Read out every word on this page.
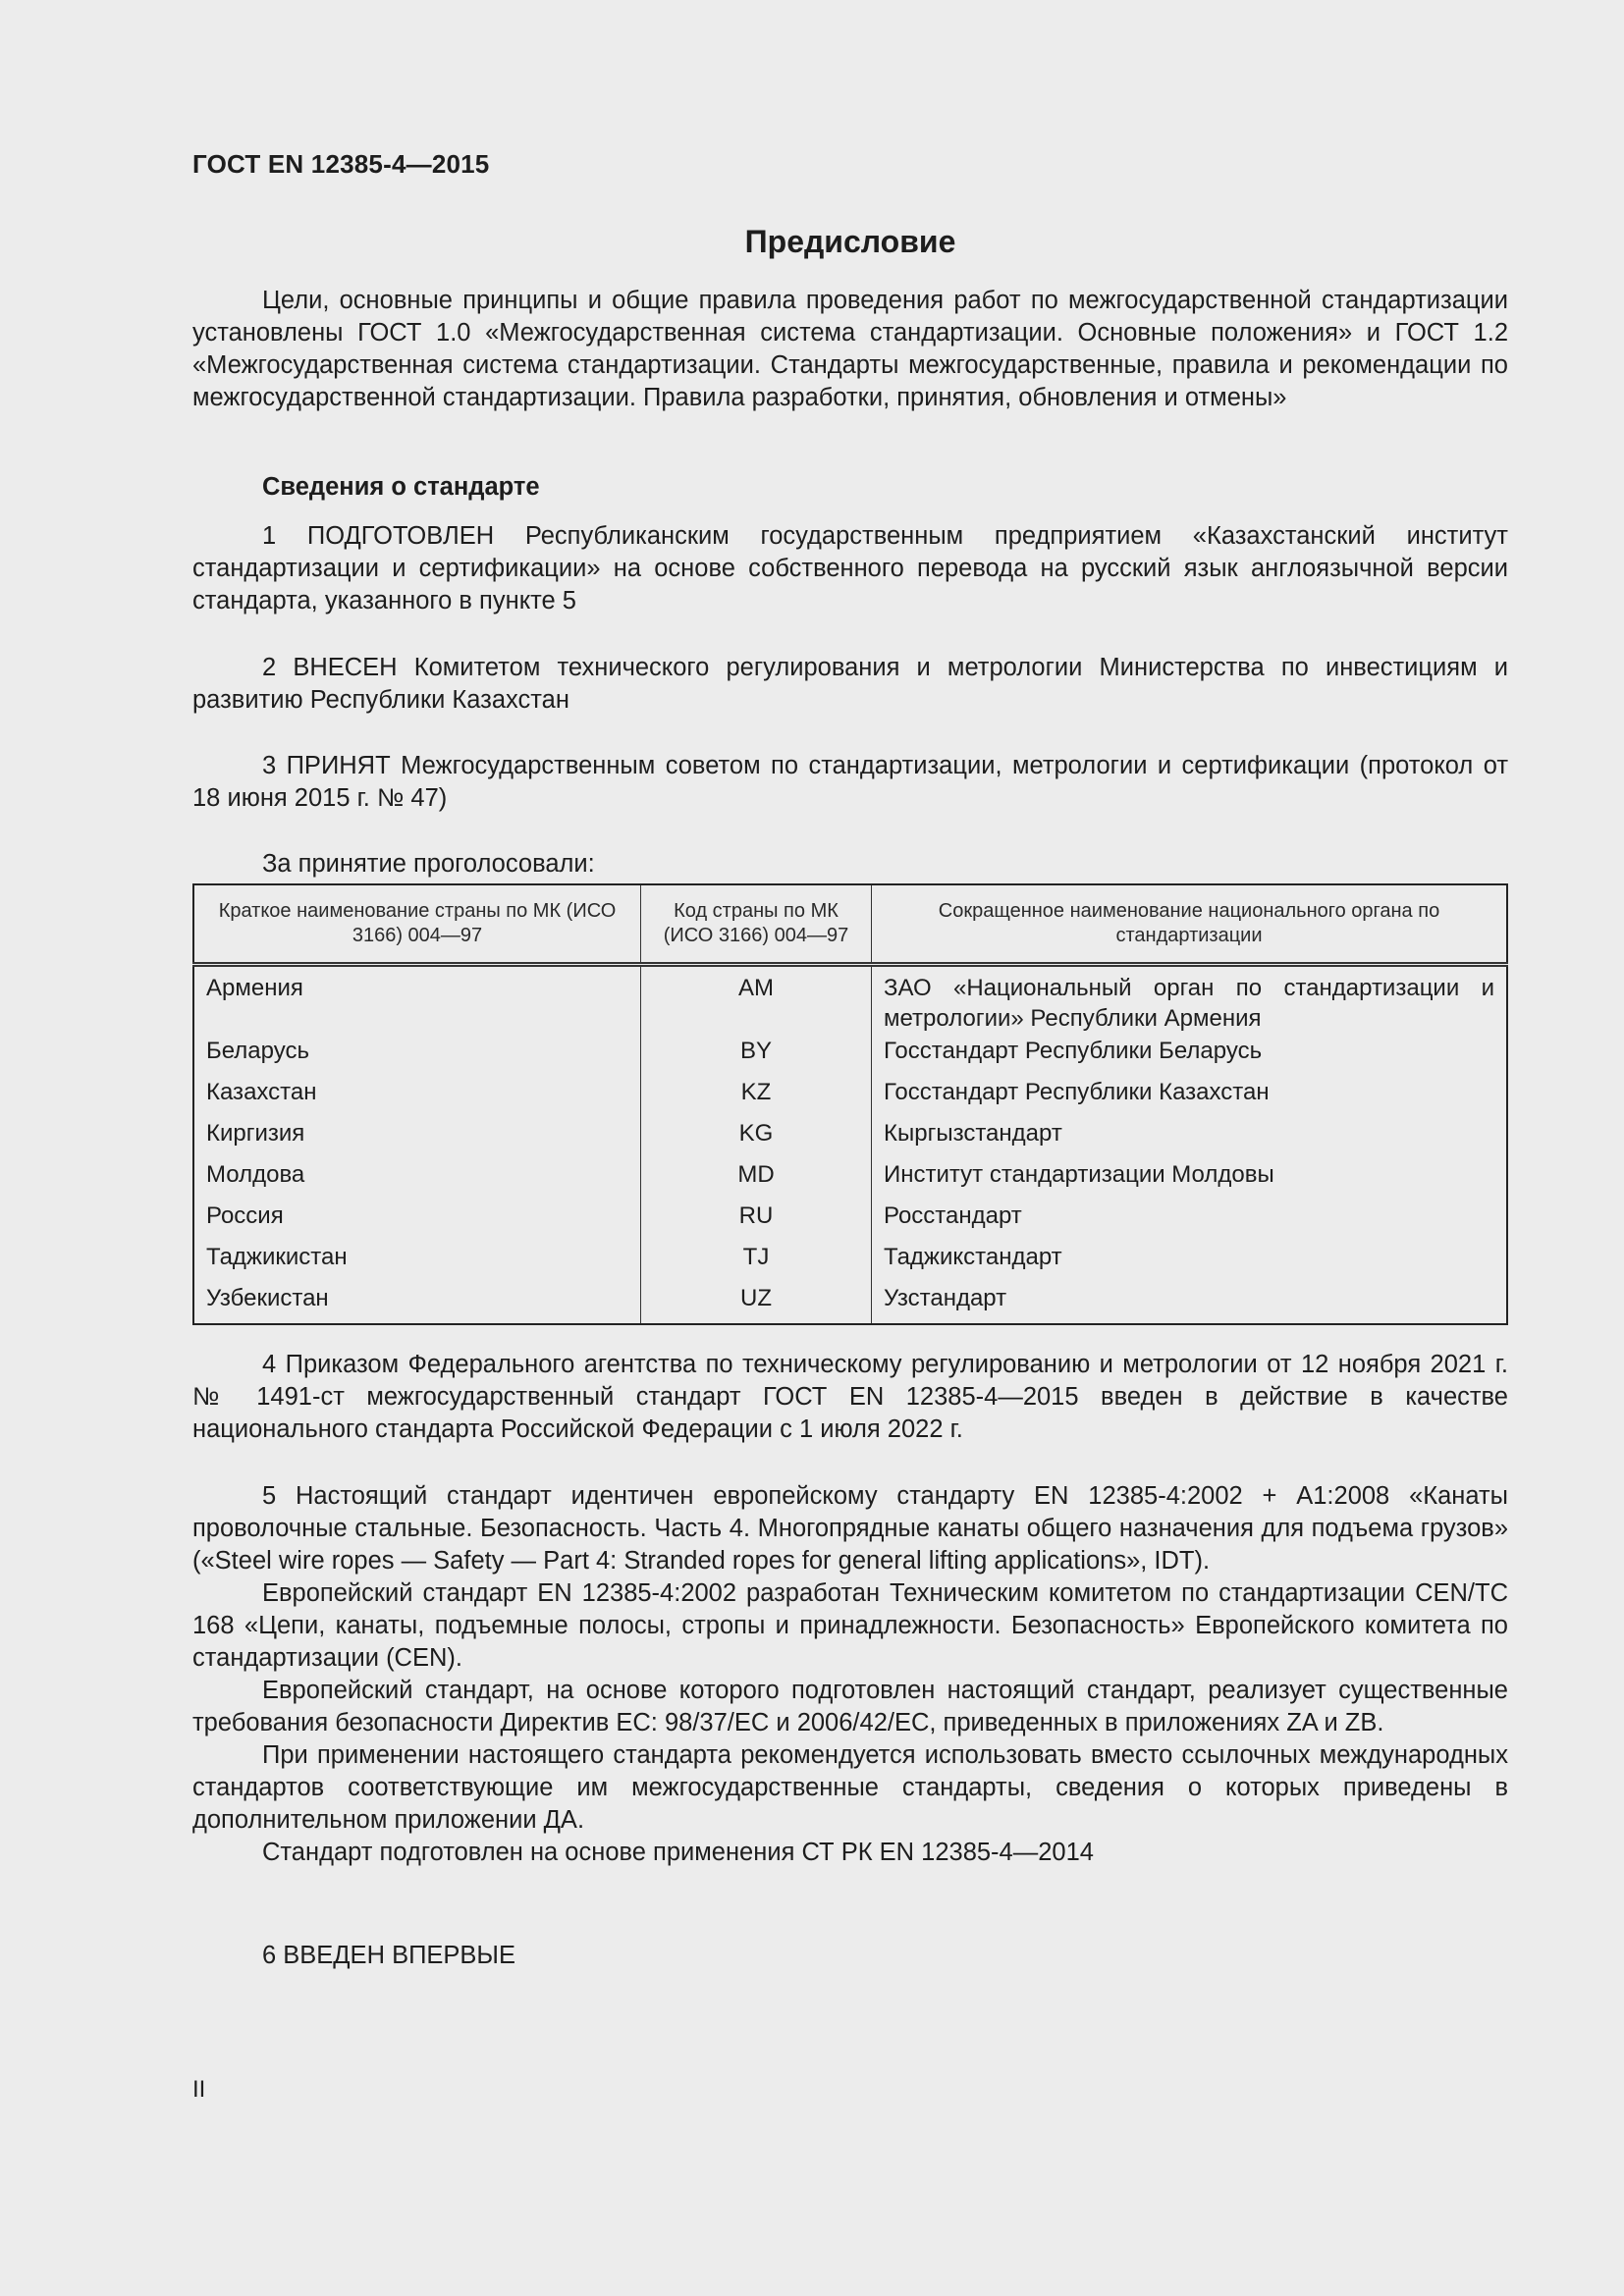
ГОСТ EN 12385-4—2015
Предисловие

Цели, основные принципы и общие правила проведения работ по межгосударственной стандартизации установлены ГОСТ 1.0 «Межгосударственная система стандартизации. Основные положения» и ГОСТ 1.2 «Межгосударственная система стандартизации. Стандарты межгосударственные, правила и рекомендации по межгосударственной стандартизации. Правила разработки, принятия, обновления и отмены»

Сведения о стандарте

1 ПОДГОТОВЛЕН Республиканским государственным предприятием «Казахстанский институт стандартизации и сертификации» на основе собственного перевода на русский язык англоязычной версии стандарта, указанного в пункте 5

2 ВНЕСЕН Комитетом технического регулирования и метрологии Министерства по инвестициям и развитию Республики Казахстан

3 ПРИНЯТ Межгосударственным советом по стандартизации, метрологии и сертификации (протокол от 18 июня 2015 г. № 47)

За принятие проголосовали:
Краткое наименование страны по МК (ИСО 3166) 004—97	Код страны по МК (ИСО 3166) 004—97	Сокращенное наименование национального органа по стандартизации
Армения	AM	ЗАО «Национальный орган по стандартизации и метрологии» Республики Армения
Беларусь	BY	Госстандарт Республики Беларусь
Казахстан	KZ	Госстандарт Республики Казахстан
Киргизия	KG	Кыргызстандарт
Молдова	MD	Институт стандартизации Молдовы
Россия	RU	Росстандарт
Таджикистан	TJ	Таджикстандарт
Узбекистан	UZ	Узстандарт

4 Приказом Федерального агентства по техническому регулированию и метрологии от 12 ноября 2021 г. № 1491-ст межгосударственный стандарт ГОСТ EN 12385-4—2015 введен в действие в качестве национального стандарта Российской Федерации с 1 июля 2022 г.

5 Настоящий стандарт идентичен европейскому стандарту EN 12385-4:2002 + А1:2008 «Канаты проволочные стальные. Безопасность. Часть 4. Многопрядные канаты общего назначения для подъема грузов» («Steel wire ropes — Safety — Part 4: Stranded ropes for general lifting applications», IDT).

Европейский стандарт EN 12385-4:2002 разработан Техническим комитетом по стандартизации CEN/TC 168 «Цепи, канаты, подъемные полосы, стропы и принадлежности. Безопасность» Европейского комитета по стандартизации (CEN).

Европейский стандарт, на основе которого подготовлен настоящий стандарт, реализует существенные требования безопасности Директив ЕС: 98/37/ЕС и 2006/42/ЕС, приведенных в приложениях ZA и ZB.

При применении настоящего стандарта рекомендуется использовать вместо ссылочных международных стандартов соответствующие им межгосударственные стандарты, сведения о которых приведены в дополнительном приложении ДА.

Стандарт подготовлен на основе применения СТ РК EN 12385-4—2014

6 ВВЕДЕН ВПЕРВЫЕ

II
